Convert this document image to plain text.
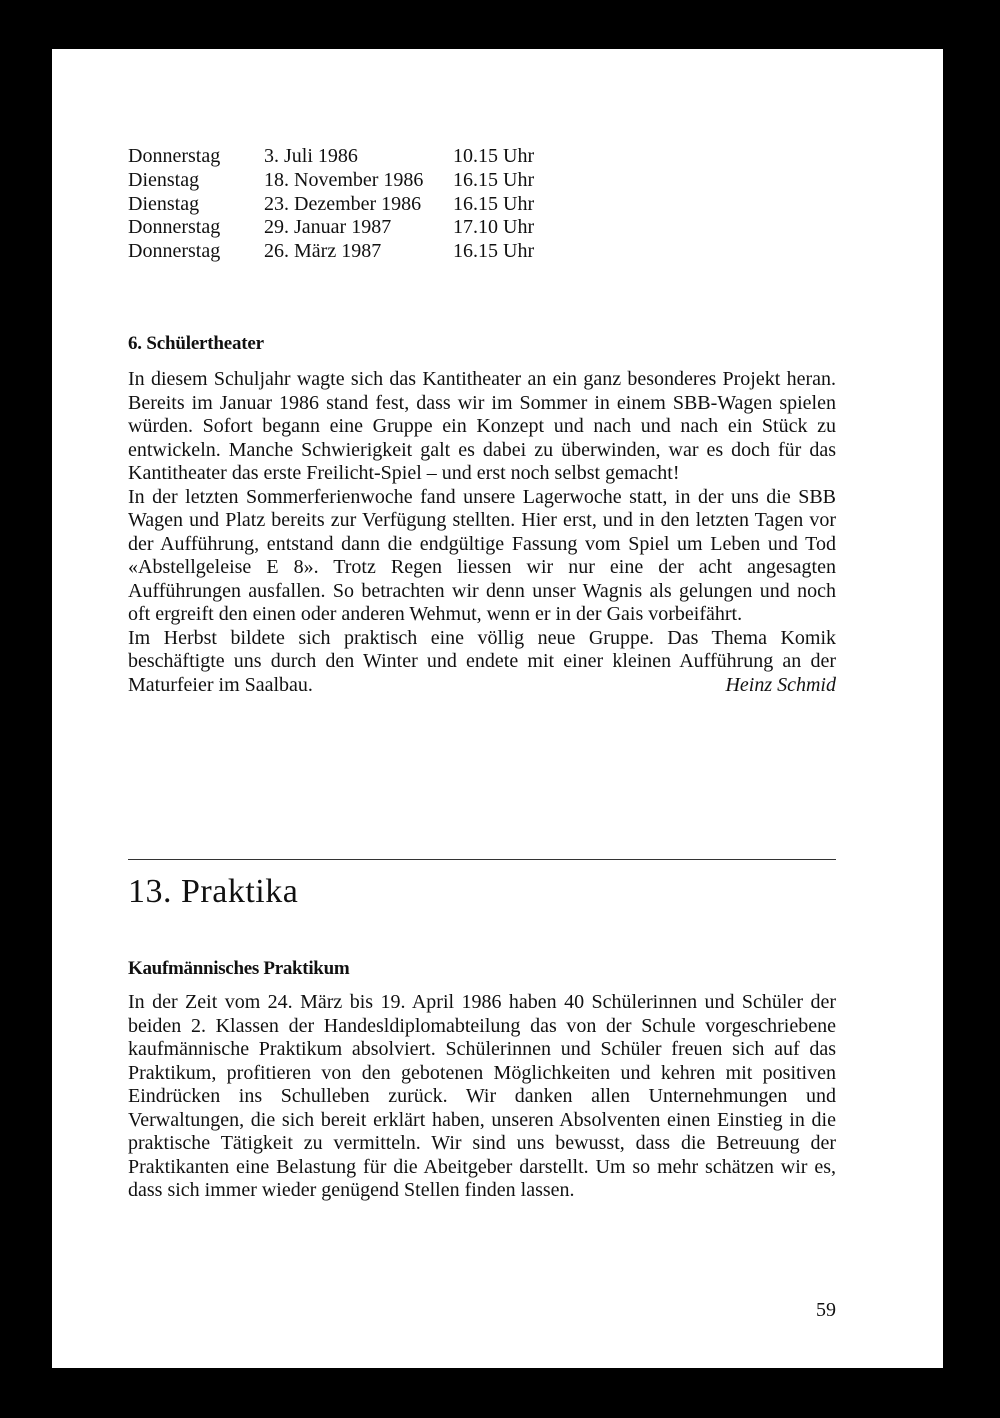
Donnerstag 3. Juli 1986	10.15 Uhr
Dienstag	18. November 1986 16.15 Uhr
Dienstag	23. Dezember 1986 16.15 Uhr
Donnerstag 29. Januar 1987	17.10 Uhr
Donnerstag 26. März 1987	16.15 Uhr
6. Schülertheater

In diesem Schuljahr wagte sich das Kantitheater an ein ganz besonderes Projekt heran. Bereits im Januar 1986 stand fest, dass wir im Sommer in einem SBB-Wagen spielen würden. Sofort begann eine Gruppe ein Konzept und nach und nach ein Stück zu entwickeln. Manche Schwierigkeit galt es dabei zu überwinden, war es doch für das Kantitheater das erste Freilicht-Spiel – und erst noch selbst gemacht!

In der letzten Sommerferienwoche fand unsere Lagerwoche statt, in der uns die SBB Wagen und Platz bereits zur Verfügung stellten. Hier erst, und in den letzten Tagen vor der Aufführung, entstand dann die endgültige Fassung vom Spiel um Leben und Tod «Abstellgeleise E 8». Trotz Regen liessen wir nur eine der acht angesagten Aufführungen ausfallen. So betrachten wir denn unser Wagnis als gelungen und noch oft ergreift den einen oder anderen Wehmut, wenn er in der Gais vorbeifährt.

Im Herbst bildete sich praktisch eine völlig neue Gruppe. Das Thema Komik beschäftigte uns durch den Winter und endete mit einer kleinen Aufführung an der Maturfeier im Saalbau.	Heinz Schmid

13. Praktika
Kaufmännisches Praktikum

In der Zeit vom 24. März bis 19. April 1986 haben 40 Schülerinnen und Schüler der beiden 2. Klassen der Handesldiplomabteilung das von der Schule vorgeschriebene kaufmännische Praktikum absolviert. Schülerinnen und Schüler freuen sich auf das Praktikum, profitieren von den gebotenen Möglichkeiten und kehren mit positiven Eindrücken ins Schulleben zurück. Wir danken allen Unternehmungen und Verwaltungen, die sich bereit erklärt haben, unseren Absolventen einen Einstieg in die praktische Tätigkeit zu vermitteln. Wir sind uns bewusst, dass die Betreuung der Praktikanten eine Belastung für die Abeitgeber darstellt. Um so mehr schätzen wir es, dass sich immer wieder genügend Stellen finden lassen.

59
